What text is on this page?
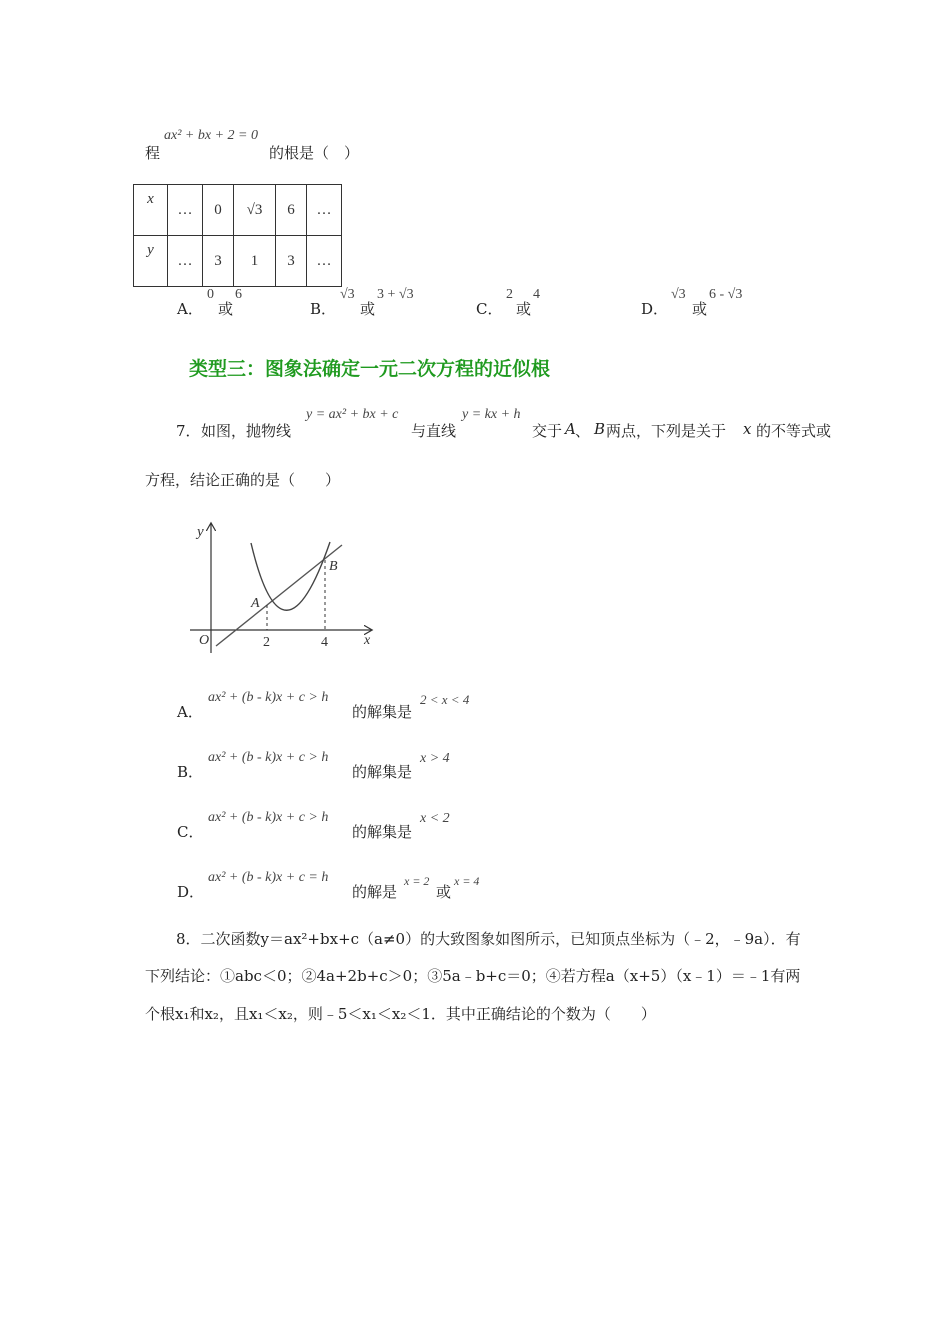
程
ax² + bx + 2 = 0
的根是（　）
x	…	0	√3	6	…
y	…	3	1	3	…
A．
0
或
6
B．
√3
或
3 + √3
C．
2
或
4
D．
√3
或
6 - √3
类型三：图象法确定一元二次方程的近似根
7． 如图，抛物线
y = ax² + bx + c
与直线
y = kx + h
交于 A 、 B 两点，下列是关于 x 的不等式或
方程，结论正确的是（　　）
y
x
O
A
B
2	4
A．
ax² + (b - k)x + c > h
的解集是
2 < x < 4
B．
ax² + (b - k)x + c > h
的解集是
x > 4
C．
ax² + (b - k)x + c > h
的解集是
x < 2
D．
ax² + (b - k)x + c = h
的解是
x = 2
或
x = 4
8．二次函数y＝ax²+bx+c（a≠0）的大致图象如图所示，已知顶点坐标为（﹣2，﹣9a）．有
下列结论：①abc＜0；②4a+2b+c＞0；③5a﹣b+c＝0；④若方程a（x+5）（x﹣1）＝﹣1有两
个根x₁和x₂，且x₁＜x₂，则﹣5＜x₁＜x₂＜1．其中正确结论的个数为（　　）
